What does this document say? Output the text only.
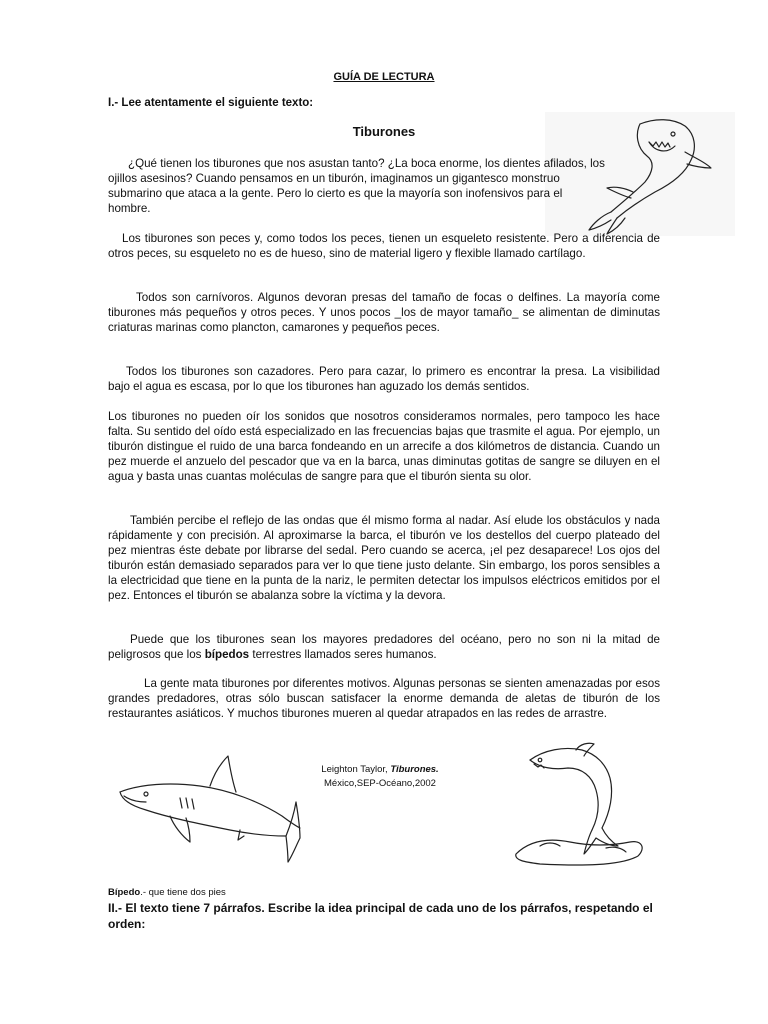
GUÍA DE LECTURA
I.- Lee atentamente el siguiente texto:
Tiburones

¿Qué tienen los tiburones que nos asustan tanto? ¿La boca enorme, los dientes afilados, los ojillos asesinos? Cuando pensamos en un tiburón, imaginamos un gigantesco monstruo submarino que ataca a la gente. Pero lo cierto es que la mayoría son inofensivos para el hombre.

Los tiburones son peces y, como todos los peces, tienen un esqueleto resistente. Pero a diferencia de otros peces, su esqueleto no es de hueso, sino de material ligero y flexible llamado cartílago.

Todos son carnívoros. Algunos devoran presas del tamaño de focas o delfines. La mayoría come tiburones más pequeños y otros peces. Y unos pocos _los de mayor tamaño_ se alimentan de diminutas criaturas marinas como plancton, camarones y pequeños peces.

Todos los tiburones son cazadores. Pero para cazar, lo primero es encontrar la presa. La visibilidad bajo el agua es escasa, por lo que los tiburones han aguzado los demás sentidos.

Los tiburones no pueden oír los sonidos que nosotros consideramos normales, pero tampoco les hace falta. Su sentido del oído está especializado en las frecuencias bajas que trasmite el agua. Por ejemplo, un tiburón distingue el ruido de una barca fondeando en un arrecife a dos kilómetros de distancia. Cuando un pez muerde el anzuelo del pescador que va en la barca, unas diminutas gotitas de sangre se diluyen en el agua y basta unas cuantas moléculas de sangre para que el tiburón sienta su olor.

También percibe el reflejo de las ondas que él mismo forma al nadar. Así elude los obstáculos y nada rápidamente y con precisión. Al aproximarse la barca, el tiburón ve los destellos del cuerpo plateado del pez mientras éste debate por librarse del sedal. Pero cuando se acerca, ¡el pez desaparece! Los ojos del tiburón están demasiado separados para ver lo que tiene justo delante. Sin embargo, los poros sensibles a la electricidad que tiene en la punta de la nariz, le permiten detectar los impulsos eléctricos emitidos por el pez. Entonces el tiburón se abalanza sobre la víctima y la devora.

Puede que los tiburones sean los mayores predadores del océano, pero no son ni la mitad de peligrosos que los bípedos terrestres llamados seres humanos.

La gente mata tiburones por diferentes motivos. Algunas personas se sienten amenazadas por esos grandes predadores, otras sólo buscan satisfacer la enorme demanda de aletas de tiburón de los restaurantes asiáticos. Y muchos tiburones mueren al quedar atrapados en las redes de arrastre.

Leighton Taylor, Tiburones.
México,SEP-Océano,2002
Bípedo.- que tiene dos pies
II.- El texto tiene 7 párrafos. Escribe la idea principal de cada uno de los párrafos, respetando el orden:
